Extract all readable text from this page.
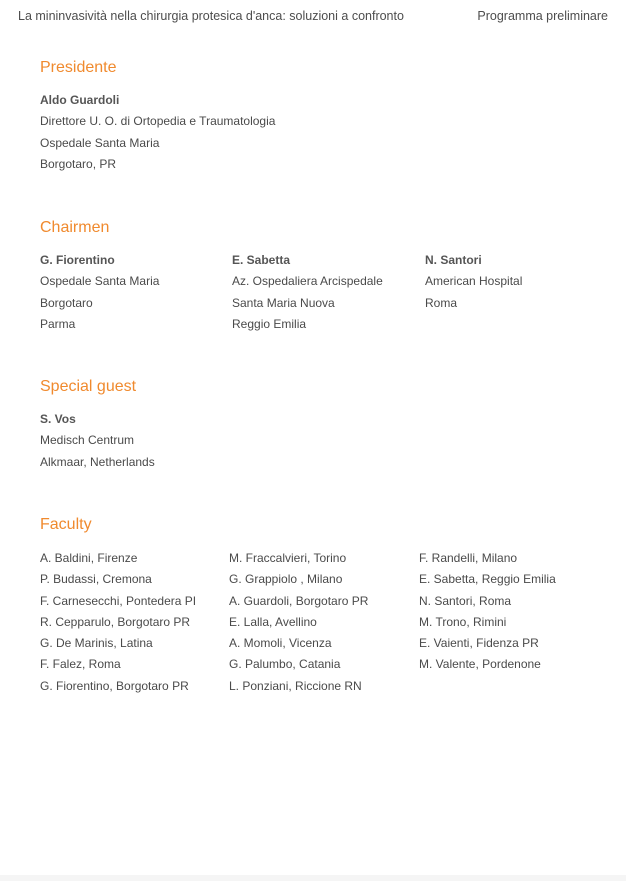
La mininvasività nella chirurgia protesica d'anca: soluzioni a confronto	Programma preliminare
Presidente
Aldo Guardoli
Direttore U. O. di Ortopedia e Traumatologia
Ospedale Santa Maria
Borgotaro, PR
Chairmen
G. Fiorentino
Ospedale Santa Maria
Borgotaro
Parma
E. Sabetta
Az. Ospedaliera Arcispedale
Santa Maria Nuova
Reggio Emilia
N. Santori
American Hospital
Roma
Special guest
S. Vos
Medisch Centrum
Alkmaar, Netherlands
Faculty
A. Baldini, Firenze
P. Budassi, Cremona
F. Carnesecchi, Pontedera PI
R. Cepparulo, Borgotaro PR
G. De Marinis, Latina
F. Falez, Roma
G. Fiorentino, Borgotaro PR
M. Fraccalvieri, Torino
G. Grappiolo , Milano
A. Guardoli, Borgotaro PR
E. Lalla, Avellino
A. Momoli, Vicenza
G. Palumbo, Catania
L. Ponziani, Riccione RN
F. Randelli, Milano
E. Sabetta, Reggio Emilia
N. Santori, Roma
M. Trono, Rimini
E. Vaienti, Fidenza PR
M. Valente, Pordenone
